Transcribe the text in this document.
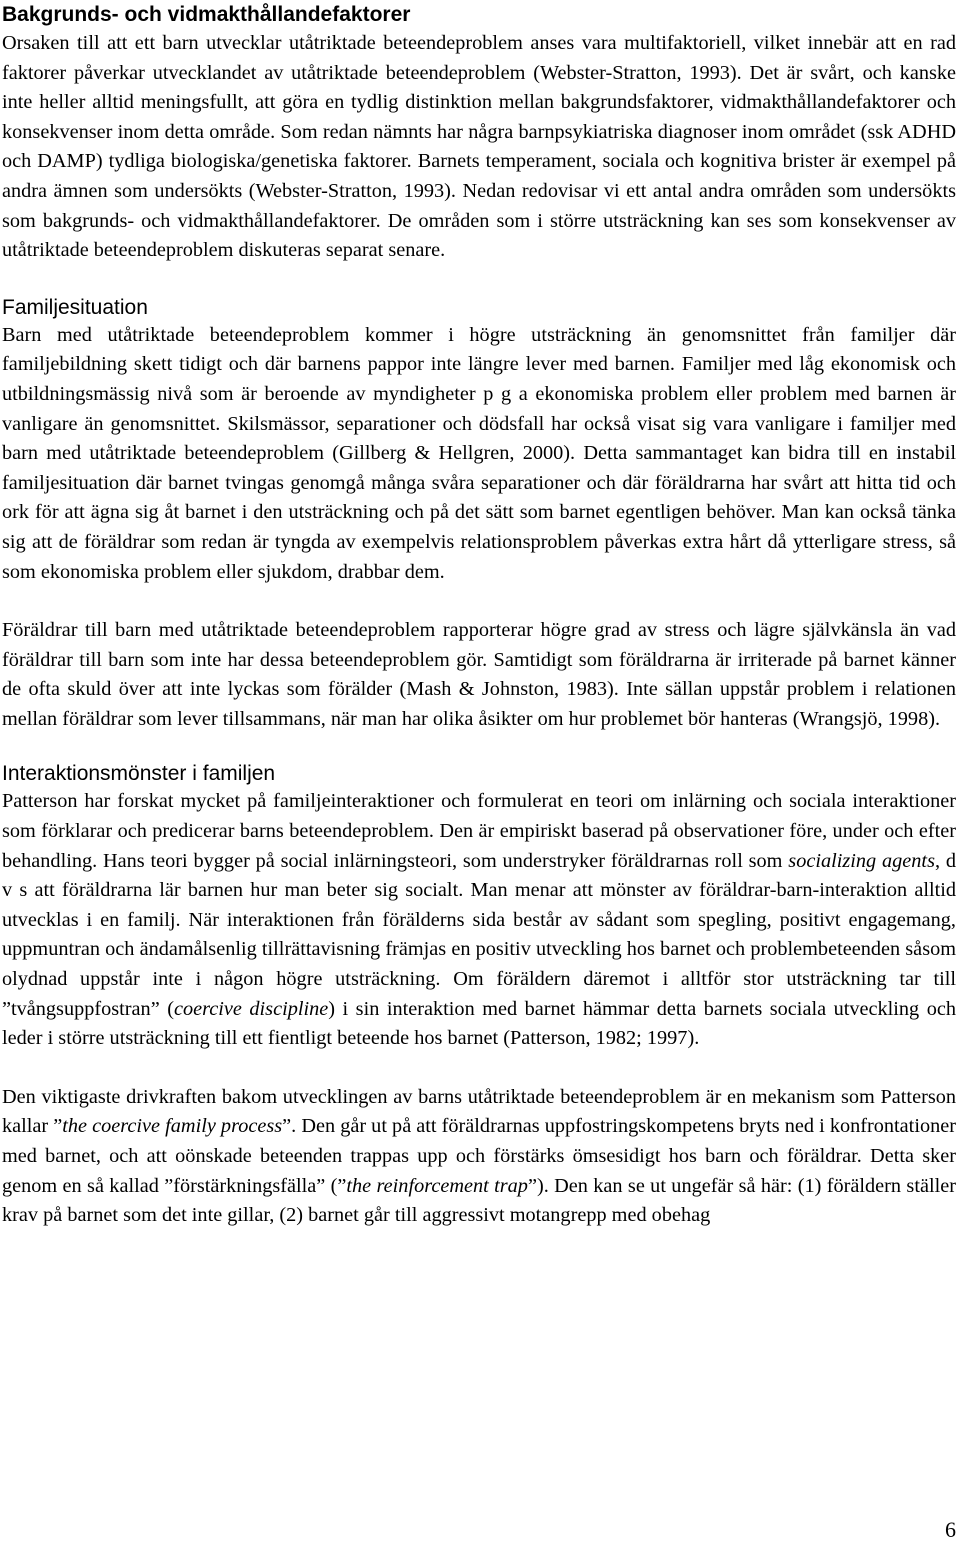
Bakgrunds- och vidmakthållandefaktorer

Orsaken till att ett barn utvecklar utåtriktade beteendeproblem anses vara multifaktoriell, vilket innebär att en rad faktorer påverkar utvecklandet av utåtriktade beteendeproblem (Webster-Stratton, 1993). Det är svårt, och kanske inte heller alltid meningsfullt, att göra en tydlig distinktion mellan bakgrundsfaktorer, vidmakthållandefaktorer och konsekvenser inom detta område. Som redan nämnts har några barnpsykiatriska diagnoser inom området (ssk ADHD och DAMP) tydliga biologiska/genetiska faktorer. Barnets temperament, sociala och kognitiva brister är exempel på andra ämnen som undersökts (Webster-Stratton, 1993). Nedan redovisar vi ett antal andra områden som undersökts som bakgrunds- och vidmakthållandefaktorer. De områden som i större utsträckning kan ses som konsekvenser av utåtriktade beteendeproblem diskuteras separat senare.

Familjesituation

Barn med utåtriktade beteendeproblem kommer i högre utsträckning än genomsnittet från familjer där familjebildning skett tidigt och där barnens pappor inte längre lever med barnen. Familjer med låg ekonomisk och utbildningsmässig nivå som är beroende av myndigheter p g a ekonomiska problem eller problem med barnen är vanligare än genomsnittet. Skilsmässor, separationer och dödsfall har också visat sig vara vanligare i familjer med barn med utåtriktade beteendeproblem (Gillberg & Hellgren, 2000). Detta sammantaget kan bidra till en instabil familjesituation där barnet tvingas genomgå många svåra separationer och där föräldrarna har svårt att hitta tid och ork för att ägna sig åt barnet i den utsträckning och på det sätt som barnet egentligen behöver. Man kan också tänka sig att de föräldrar som redan är tyngda av exempelvis relationsproblem påverkas extra hårt då ytterligare stress, så som ekonomiska problem eller sjukdom, drabbar dem.

Föräldrar till barn med utåtriktade beteendeproblem rapporterar högre grad av stress och lägre självkänsla än vad föräldrar till barn som inte har dessa beteendeproblem gör. Samtidigt som föräldrarna är irriterade på barnet känner de ofta skuld över att inte lyckas som förälder (Mash & Johnston, 1983). Inte sällan uppstår problem i relationen mellan föräldrar som lever tillsammans, när man har olika åsikter om hur problemet bör hanteras (Wrangsjö, 1998).

Interaktionsmönster i familjen

Patterson har forskat mycket på familjeinteraktioner och formulerat en teori om inlärning och sociala interaktioner som förklarar och predicerar barns beteendeproblem. Den är empiriskt baserad på observationer före, under och efter behandling. Hans teori bygger på social inlärningsteori, som understryker föräldrarnas roll som socializing agents, d v s att föräldrarna lär barnen hur man beter sig socialt. Man menar att mönster av föräldrar-barn-interaktion alltid utvecklas i en familj. När interaktionen från förälderns sida består av sådant som spegling, positivt engagemang, uppmuntran och ändamålsenlig tillrättavisning främjas en positiv utveckling hos barnet och problembeteenden såsom olydnad uppstår inte i någon högre utsträckning. Om föräldern däremot i alltför stor utsträckning tar till ”tvångsuppfostran” (coercive discipline) i sin interaktion med barnet hämmar detta barnets sociala utveckling och leder i större utsträckning till ett fientligt beteende hos barnet (Patterson, 1982; 1997).

Den viktigaste drivkraften bakom utvecklingen av barns utåtriktade beteendeproblem är en mekanism som Patterson kallar ”the coercive family process”. Den går ut på att föräldrarnas uppfostringskompetens bryts ned i konfrontationer med barnet, och att oönskade beteenden trappas upp och förstärks ömsesidigt hos barn och föräldrar. Detta sker genom en så kallad ”förstärkningsfälla” (”the reinforcement trap”). Den kan se ut ungefär så här: (1) föräldern ställer krav på barnet som det inte gillar, (2) barnet går till aggressivt motangrepp med obehag

6
